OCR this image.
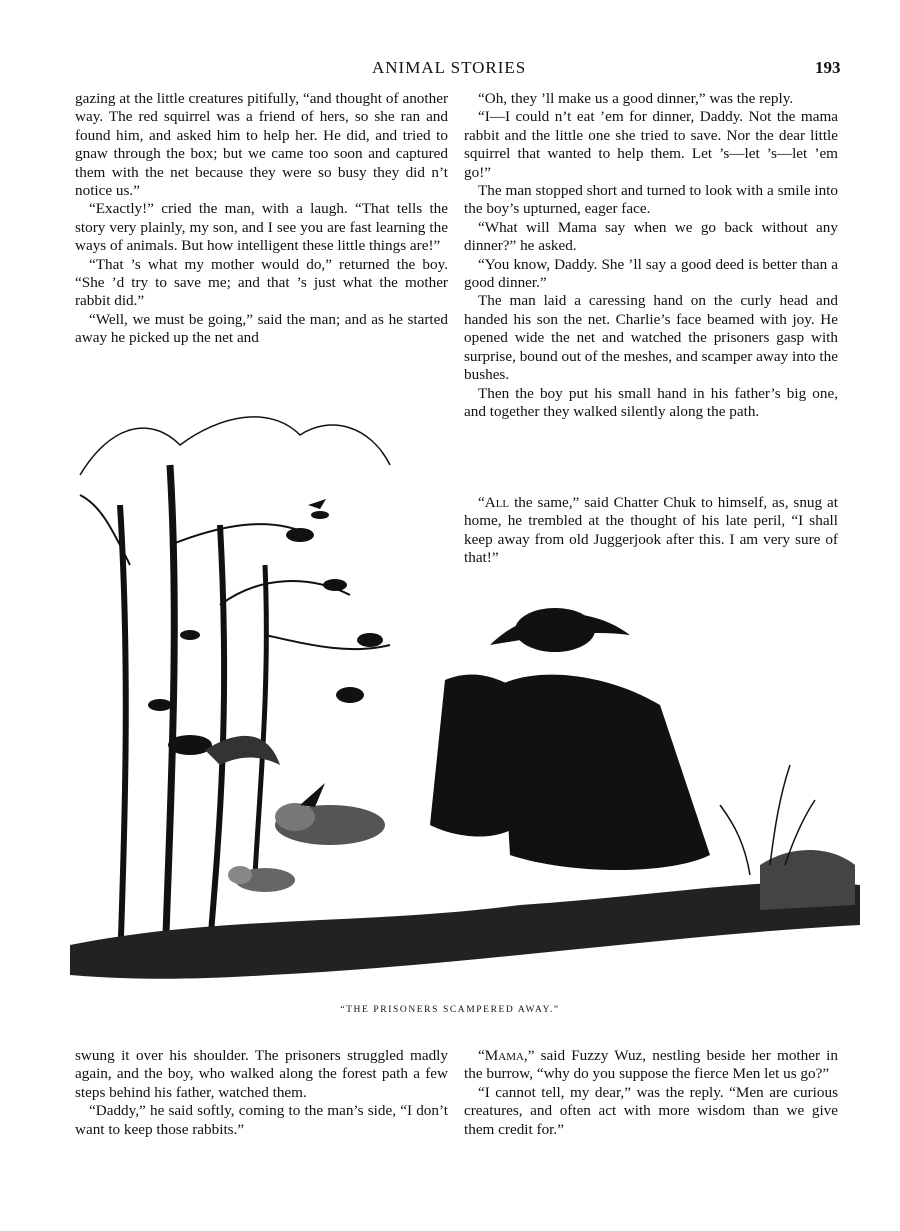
ANIMAL STORIES	193

gazing at the little creatures pitifully, “and thought of another way. The red squirrel was a friend of hers, so she ran and found him, and asked him to help her. He did, and tried to gnaw through the box; but we came too soon and captured them with the net because they were so busy they did n’t notice us.”

“Exactly!” cried the man, with a laugh. “That tells the story very plainly, my son, and I see you are fast learning the ways of animals. But how intelligent these little things are!”

“That ’s what my mother would do,” returned the boy. “She ’d try to save me; and that ’s just what the mother rabbit did.”

“Well, we must be going,” said the man; and as he started away he picked up the net and

“Oh, they ’ll make us a good dinner,” was the reply.

“I—I could n’t eat ’em for dinner, Daddy. Not the mama rabbit and the little one she tried to save. Nor the dear little squirrel that wanted to help them. Let ’s—let ’s—let ’em go!”

The man stopped short and turned to look with a smile into the boy’s upturned, eager face.

“What will Mama say when we go back without any dinner?” he asked.

“You know, Daddy. She ’ll say a good deed is better than a good dinner.”

The man laid a caressing hand on the curly head and handed his son the net. Charlie’s face beamed with joy. He opened wide the net and watched the prisoners gasp with surprise, bound out of the meshes, and scamper away into the bushes.

Then the boy put his small hand in his father’s big one, and together they walked silently along the path.

“All the same,” said Chatter Chuk to himself, as, snug at home, he trembled at the thought of his late peril, “I shall keep away from old Juggerjook after this. I am very sure of that!”

“THE PRISONERS SCAMPERED AWAY.”

swung it over his shoulder. The prisoners struggled madly again, and the boy, who walked along the forest path a few steps behind his father, watched them.

“Daddy,” he said softly, coming to the man’s side, “I don’t want to keep those rabbits.”

“Mama,” said Fuzzy Wuz, nestling beside her mother in the burrow, “why do you suppose the fierce Men let us go?”

“I cannot tell, my dear,” was the reply. “Men are curious creatures, and often act with more wisdom than we give them credit for.”
